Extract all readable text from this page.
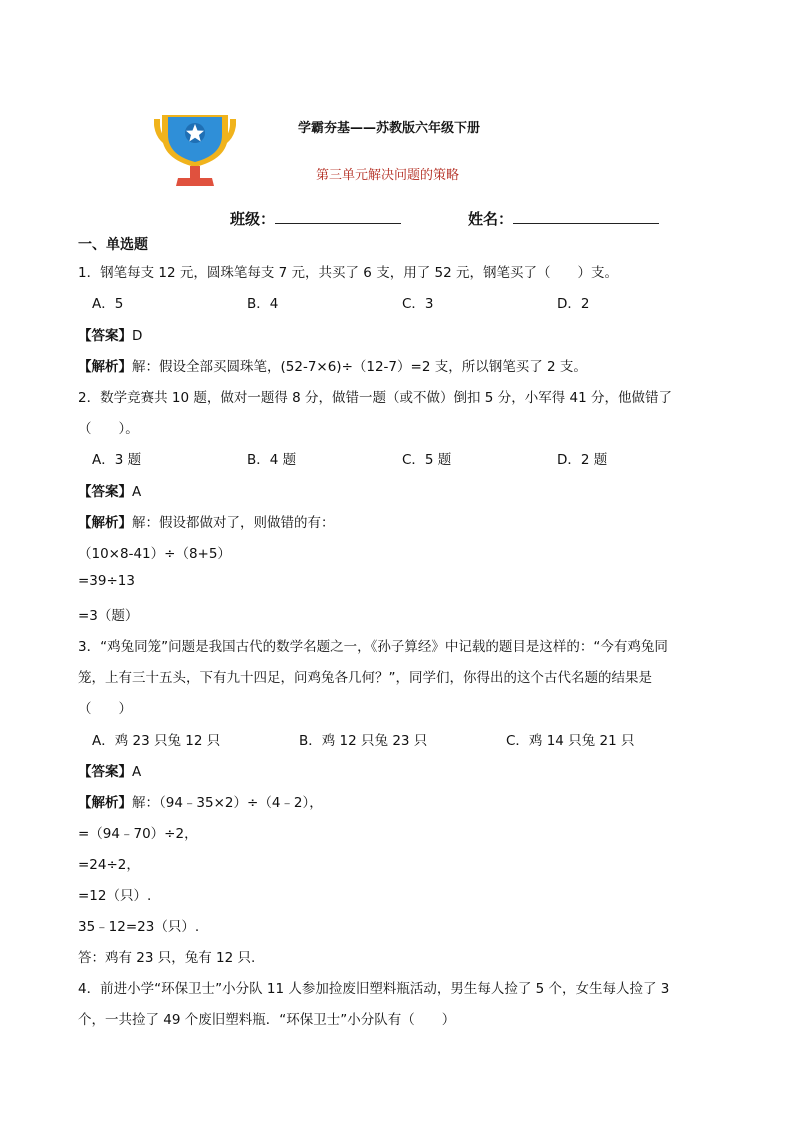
学霸夯基——苏教版六年级下册
第三单元解决问题的策略
班级：	姓名：
一、单选题
1．钢笔每支 12 元，圆珠笔每支 7 元，共买了 6 支，用了 52 元，钢笔买了（　　）支。
A．5	B．4	C．3	D．2
【答案】D
【解析】解：假设全部买圆珠笔，(52-7×6)÷（12-7）=2 支，所以钢笔买了 2 支。
2．数学竞赛共 10 题，做对一题得 8 分，做错一题（或不做）倒扣 5 分，小军得 41 分，他做错了
（　　）。
A．3 题	B．4 题	C．5 题	D．2 题
【答案】A
【解析】解：假设都做对了，则做错的有：
（10×8-41）÷（8+5）
=39÷13
=3（题）
3．“鸡兔同笼”问题是我国古代的数学名题之一，《孙子算经》中记载的题目是这样的：“今有鸡兔同
笼，上有三十五头，下有九十四足，问鸡兔各几何？”，同学们，你得出的这个古代名题的结果是
（　　）
A．鸡 23 只兔 12 只	B．鸡 12 只兔 23 只	C．鸡 14 只兔 21 只
【答案】A
【解析】解：（94﹣35×2）÷（4﹣2），
=（94﹣70）÷2，
=24÷2，
=12（只）.
35﹣12=23（只）.
答：鸡有 23 只，兔有 12 只.
4．前进小学“环保卫士”小分队 11 人参加捡废旧塑料瓶活动，男生每人捡了 5 个，女生每人捡了 3
个，一共捡了 49 个废旧塑料瓶．“环保卫士”小分队有（　　）
